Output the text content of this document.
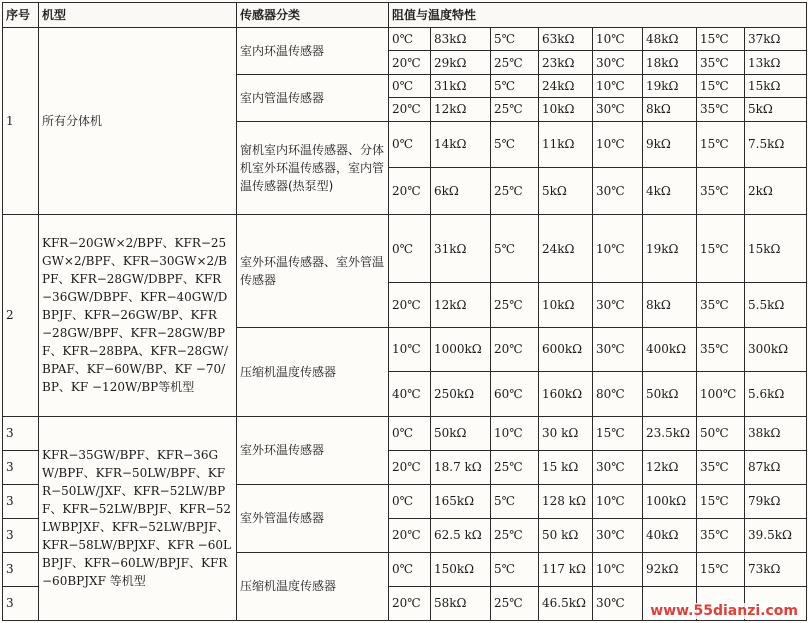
序号	机型	传感器分类	阻值与温度特性							
1	所有分体机	室内环温传感器	0℃	83kΩ	5℃	63kΩ	10℃	48kΩ	15℃	37kΩ
			20℃	29kΩ	25℃	23kΩ	30℃	18kΩ	35℃	13kΩ
		室内管温传感器	0℃	31kΩ	5℃	24kΩ	10℃	19kΩ	15℃	15kΩ
			20℃	12kΩ	25℃	10kΩ	30℃	8kΩ	35℃	5kΩ
		窗机室内环温传感器、分体机室外环温传感器，室内管温传感器(热泵型)	0℃	14kΩ	5℃	11kΩ	10℃	9kΩ	15℃	7.5kΩ
			20℃	6kΩ	25℃	5kΩ	30℃	4kΩ	35℃	2kΩ
2	KFR−20GW×2/BPF、KFR−25GW×2/BPF、KFR−30GW×2/BPF、KFR−28GW/DBPF、KFR−36GW/DBPF、KFR−40GW/DBPJF、KFR−26GW/BP、KFR−28GW/BPF、KFR−28GW/BPF、KFR−28BPA、KFR−28GW/BPAF、KF−60W/BP、KF −70/BP、KF −120W/BP等机型	室外环温传感器、室外管温传感器	0℃	31kΩ	5℃	24kΩ	10℃	19kΩ	15℃	15kΩ
			20℃	12kΩ	25℃	10kΩ	30℃	8kΩ	35℃	5.5kΩ
		压缩机温度传感器	10℃	1000kΩ	20℃	600kΩ	30℃	400kΩ	35℃	300kΩ
			40℃	250kΩ	60℃	160kΩ	80℃	50kΩ	100℃	5.6kΩ
3	KFR−35GW/BPF、KFR−36GW/BPF、KFR−50LW/BPF、KFR−50LW/JXF、KFR−52LW/BPF、KFR−52LW/BPJF、KFR−52LWBPJXF、KFR−52LW/BPJF、KFR−58LW/BPJXF、KFR −60LBPJF、KFR−60LW/BPJF、KFR−60BPJXF 等机型	室外环温传感器	0℃	50kΩ	10℃	30 kΩ	15℃	23.5kΩ	50℃	38kΩ
3			20℃	18.7 kΩ	25℃	15 kΩ	30℃	12kΩ	35℃	87kΩ
3		室外管温传感器	0℃	165kΩ	5℃	128 kΩ	10℃	100kΩ	15℃	79kΩ
3			20℃	62.5 kΩ	25℃	50 kΩ	30℃	40kΩ	35℃	39.5kΩ
3		压缩机温度传感器	0℃	150kΩ	5℃	117 kΩ	10℃	92kΩ	15℃	73kΩ
3			20℃	58kΩ	25℃	46.5kΩ	30℃			www.55dianzi.com
